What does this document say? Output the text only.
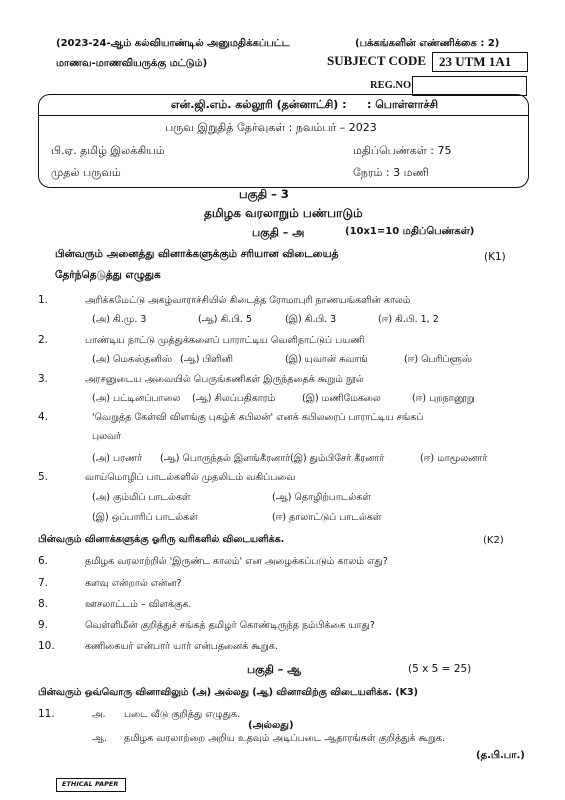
(2023-24-ஆம் கல்வியாண்டில் அனுமதிக்கப்பட்ட	(பக்கங்களின் எண்ணிக்கை : 2)
மாணவ-மாணவியருக்கு மட்டும்)	SUBJECT CODE 23 UTM 1A1
REG.NO
என்.ஜி.எம். கல்லூரி (தன்னாட்சி) : : பொள்ளாச்சி
பருவ இறுதித் தேர்வுகள் : நவம்பர் – 2023
பி.ஏ. தமிழ் இலக்கியம்	மதிப்பெண்கள் : 75
முதல் பருவம்	நேரம் : 3 மணி
பகுதி – 3
தமிழக வரலாறும் பண்பாடும்
பகுதி – அ	(10x1=10 மதிப்பெண்கள்)
பின்வரும் அனைத்து வினாக்களுக்கும் சரியான விடையைத்
தேர்ந்தெடுத்து எழுதுக
(K1)
1.	அரிக்கமேட்டு அகழ்வாராச்சியில் கிடைத்த ரோமாபுரி நாணயங்களின் காலம்
(அ) கி.மு. 3	(ஆ) கி.பி. 5	(இ) கி.பி. 3	(ஈ) கி.பி. 1, 2
2.	பாண்டிய நாட்டு முத்துக்களைப் பாராட்டிய வெளிநாட்டுப் பயணி
(அ) மெகஸ்தனிஸ் (ஆ) பிளினி	(இ) யுவான் சுவாங்	(ஈ) பெரிப்ளூஸ்
3.	அரசனுடைய அவையில் பெருங்கணிகள் இருந்ததைக் கூறும் நூல்
(அ) பட்டினப்பாலை (ஆ) சிலப்பதிகாரம்	(இ) மணிமேகலை	(ஈ) புறநானூறு
4.	'வெறுத்த கேள்வி விளங்கு புகழ்க் கபிலன்' எனக் கபிலரைப் பாராட்டிய சங்கப்
புலவர்
(அ) பரணர் (ஆ) பொருந்தல் இளங்கீரனார் (இ) தும்பிசேர் கீரனார்	(ஈ) மாமூலனார்
5.	வாய்மொழிப் பாடல்களில் முதலிடம் வகிப்பவை
(அ) கும்மிப் பாடல்கள்	(ஆ) தொழிற்பாடல்கள்
(இ) ஒப்பாரிப் பாடல்கள்	(ஈ) தாலாட்டுப் பாடல்கள்
பின்வரும் வினாக்களுக்கு ஓரிரு வரிகளில் விடையளிக்க.	(K2)
6.	தமிழக வரலாற்றில் 'இருண்ட காலம்' என அழைக்கப்படும் காலம் எது?
7.	களவு என்றால் என்ன?
8.	ஊசலாட்டம் – விளக்குக.
9.	வெள்ளிமீன் குறித்துச் சங்கத் தமிழர் கொண்டிருந்த நம்பிக்கை யாது?
10.	கணிகையர் என்பார் யார் என்பதனைக் கூறுக.
பகுதி – ஆ	(5 x 5 = 25)
பின்வரும் ஒவ்வொரு வினாவிலும் (அ) அல்லது (ஆ) வினாவிற்கு விடையளிக்க. (K3)
11.	அ. படை வீடு குறித்து எழுதுக.
(அல்லது)
ஆ. தமிழக வரலாற்றை அறிய உதவும் அடிப்படை ஆதாரங்கள் குறித்துக் கூறுக.
(த.பி.பா.)
ETHICAL PAPER
